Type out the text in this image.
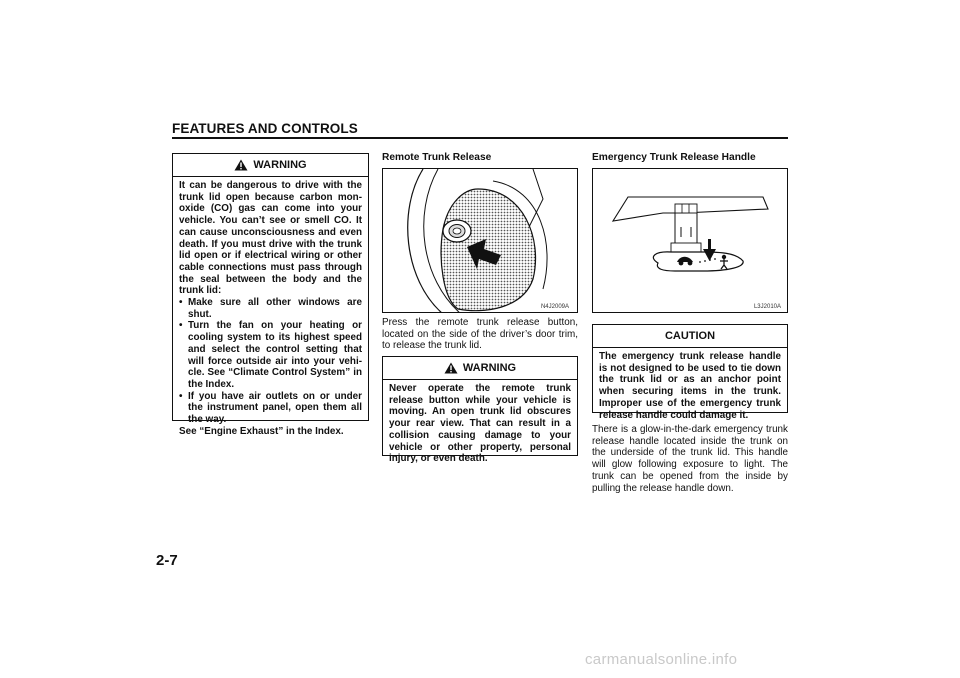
FEATURES AND CONTROLS
WARNING

It can be dangerous to drive with the trunk lid open because carbon mon-oxide (CO) gas can come into your vehicle. You can’t see or smell CO. It can cause unconsciousness and even death. If you must drive with the trunk lid open or if electrical wiring or other cable connections must pass through the seal between the body and the trunk lid:

• Make sure all other windows are shut.
• Turn the fan on your heating or cooling system to its highest speed and select the control setting that will force outside air into your vehi-cle. See “Climate Control System” in the Index.
• If you have air outlets on or under the instrument panel, open them all the way.

See “Engine Exhaust” in the Index.

Remote Trunk Release
N4J2009A
Press the remote trunk release button, located on the side of the driver’s door trim, to release the trunk lid.
WARNING

Never operate the remote trunk release button while your vehicle is moving. An open trunk lid obscures your rear view. That can result in a collision causing damage to your vehicle or other property, personal injury, or even death.

Emergency Trunk Release Handle
L3J2010A
CAUTION

The emergency trunk release handle is not designed to be used to tie down the trunk lid or as an anchor point when securing items in the trunk. Improper use of the emergency trunk release handle could damage it.

There is a glow-in-the-dark emergency trunk release handle located inside the trunk on the underside of the trunk lid. This handle will glow following exposure to light. The trunk can be opened from the inside by pulling the release handle down.
2-7
carmanualsonline.info
